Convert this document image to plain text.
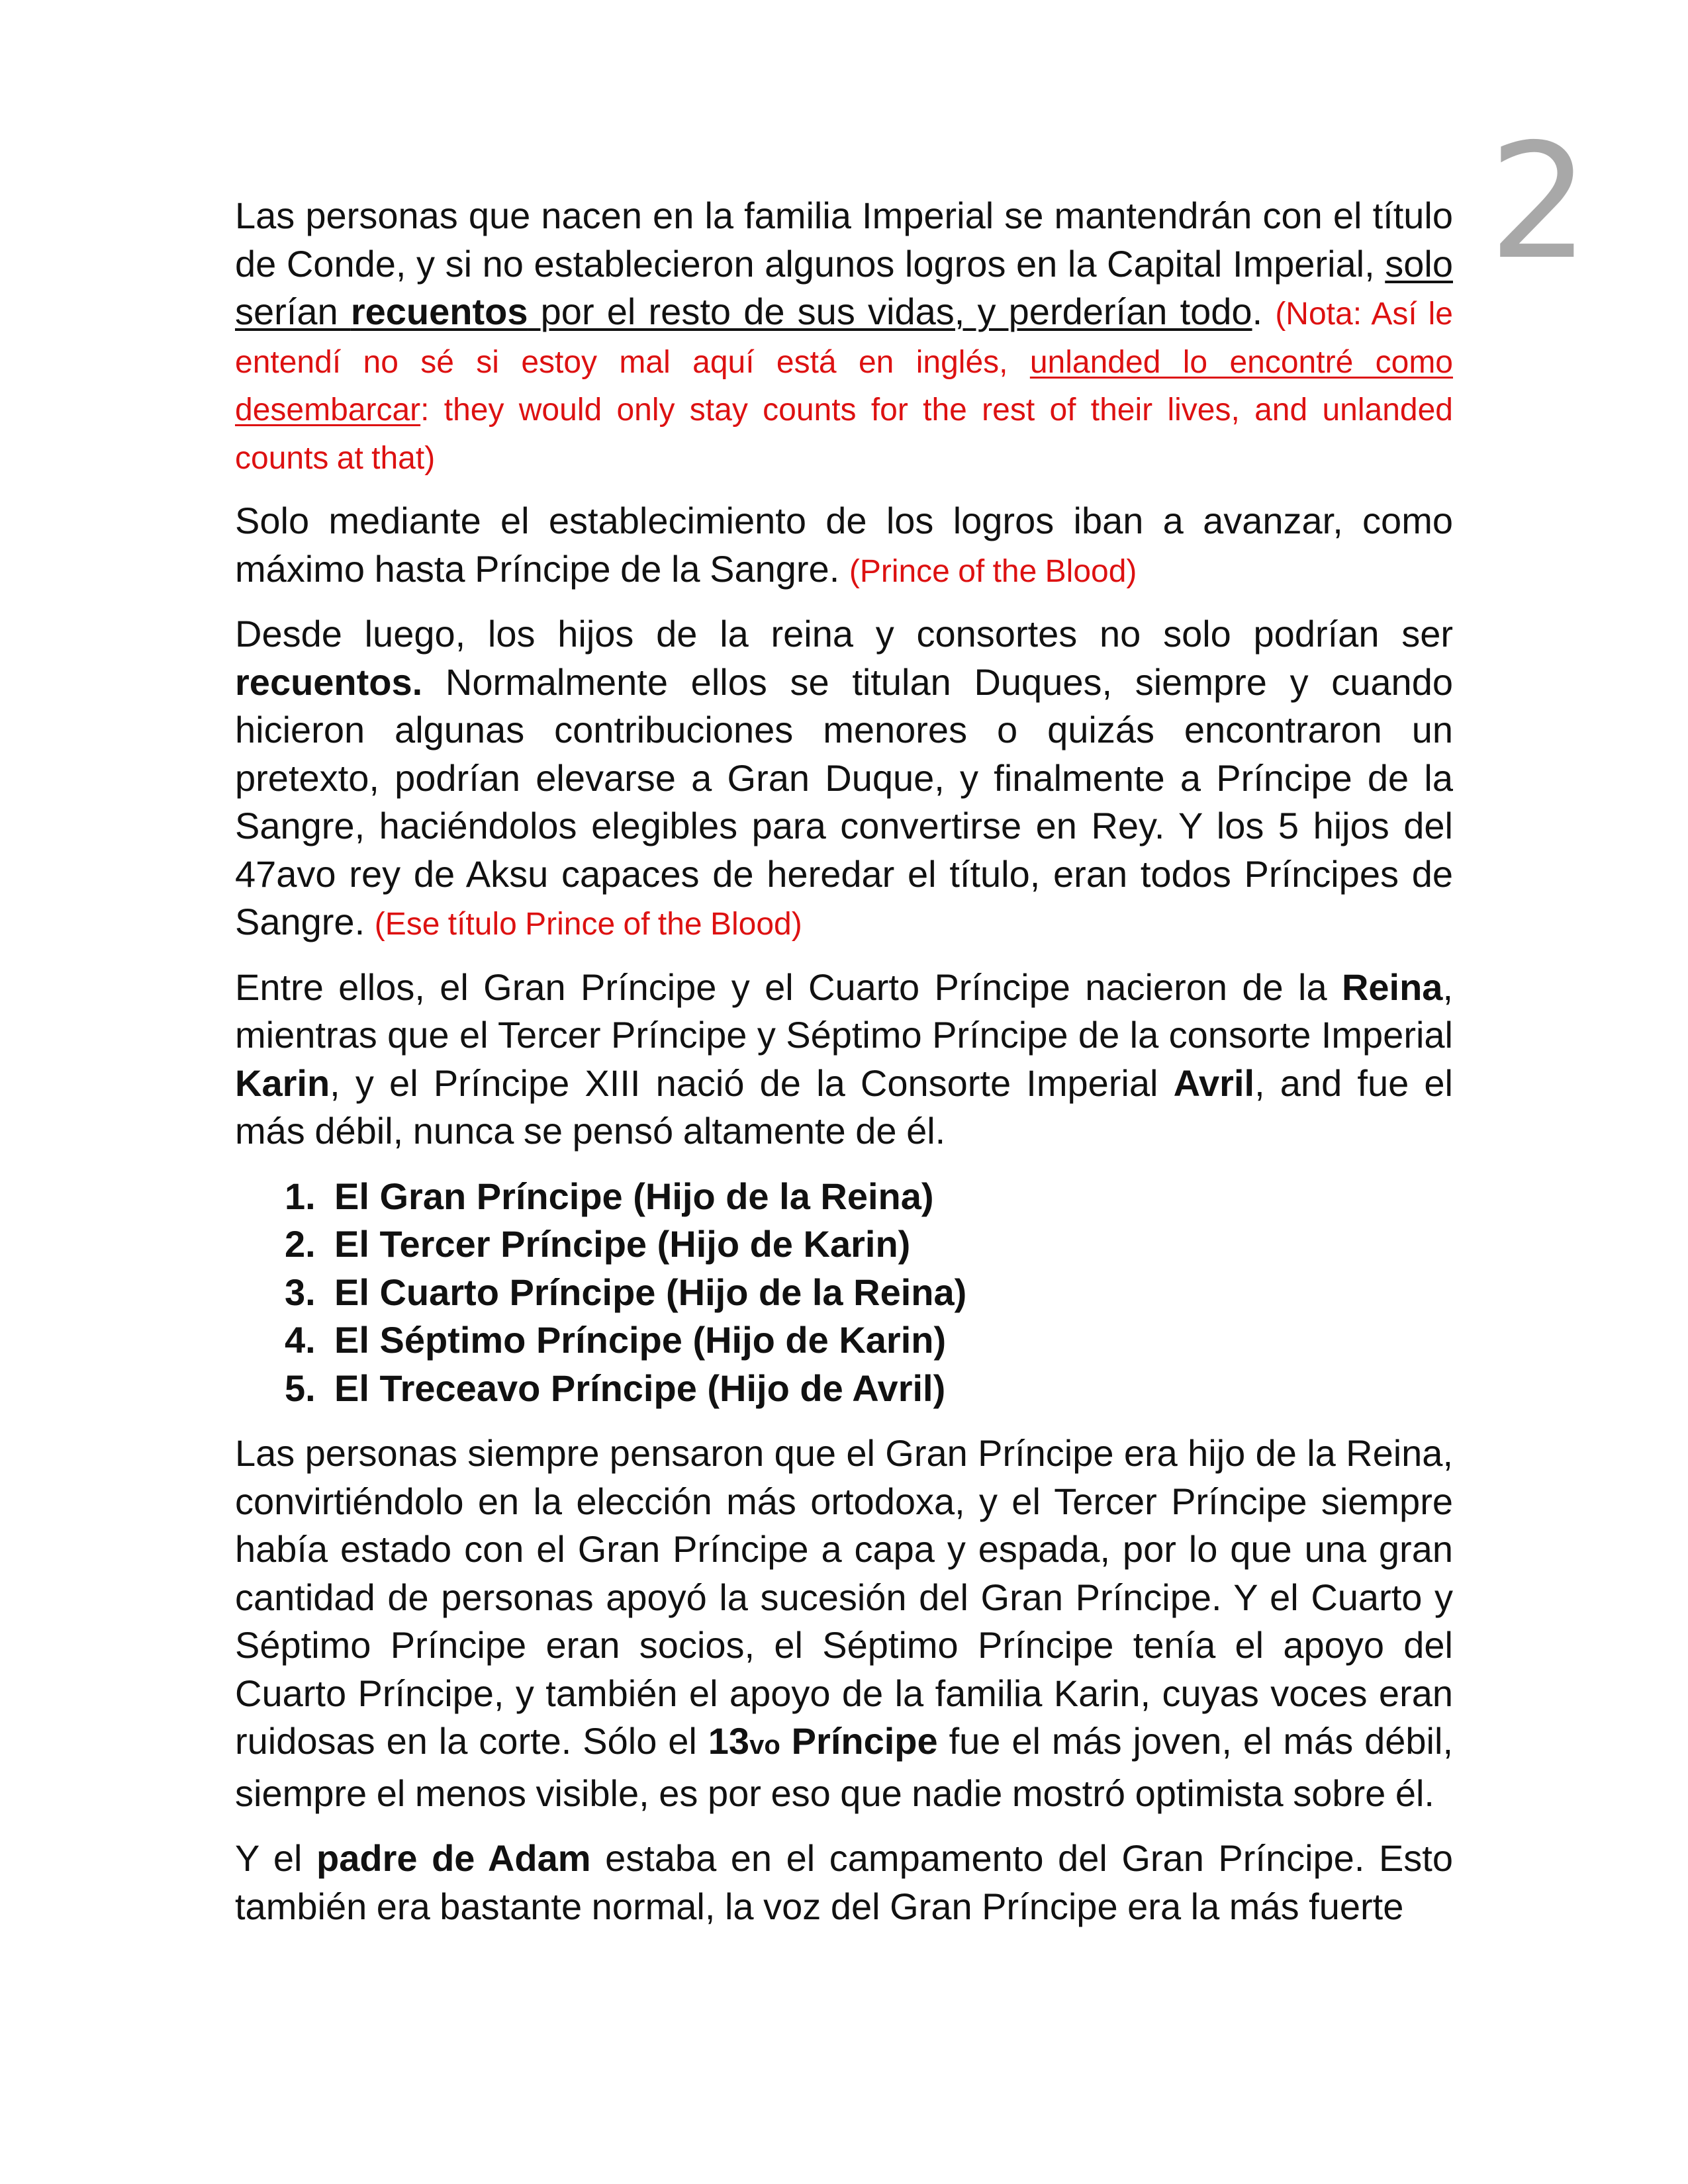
2

Las personas que nacen en la familia Imperial se mantendrán con el título de Conde, y si no establecieron algunos logros en la Capital Imperial, solo serían recuentos por el resto de sus vidas, y perderían todo. (Nota: Así le entendí no sé si estoy mal aquí está en inglés, unlanded lo encontré como desembarcar: they would only stay counts for the rest of their lives, and unlanded counts at that)

Solo mediante el establecimiento de los logros iban a avanzar, como máximo hasta Príncipe de la Sangre. (Prince of the Blood)

Desde luego, los hijos de la reina y consortes no solo podrían ser recuentos. Normalmente ellos se titulan Duques, siempre y cuando hicieron algunas contribuciones menores o quizás encontraron un pretexto, podrían elevarse a Gran Duque, y finalmente a Príncipe de la Sangre, haciéndolos elegibles para convertirse en Rey. Y los 5 hijos del 47avo rey de Aksu capaces de heredar el título, eran todos Príncipes de Sangre. (Ese título Prince of the Blood)

Entre ellos, el Gran Príncipe y el Cuarto Príncipe nacieron de la Reina, mientras que el Tercer Príncipe y Séptimo Príncipe de la consorte Imperial Karin, y el Príncipe XIII nació de la Consorte Imperial Avril, and fue el más débil, nunca se pensó altamente de él.

1. El Gran Príncipe (Hijo de la Reina)
2. El Tercer Príncipe (Hijo de Karin)
3. El Cuarto Príncipe (Hijo de la Reina)
4. El Séptimo Príncipe (Hijo de Karin)
5. El Treceavo Príncipe (Hijo de Avril)

Las personas siempre pensaron que el Gran Príncipe era hijo de la Reina, convirtiéndolo en la elección más ortodoxa, y el Tercer Príncipe siempre había estado con el Gran Príncipe a capa y espada, por lo que una gran cantidad de personas apoyó la sucesión del Gran Príncipe. Y el Cuarto y Séptimo Príncipe eran socios, el Séptimo Príncipe tenía el apoyo del Cuarto Príncipe, y también el apoyo de la familia Karin, cuyas voces eran ruidosas en la corte. Sólo el 13vo Príncipe fue el más joven, el más débil, siempre el menos visible, es por eso que nadie mostró optimista sobre él.

Y el padre de Adam estaba en el campamento del Gran Príncipe. Esto también era bastante normal, la voz del Gran Príncipe era la más fuerte
